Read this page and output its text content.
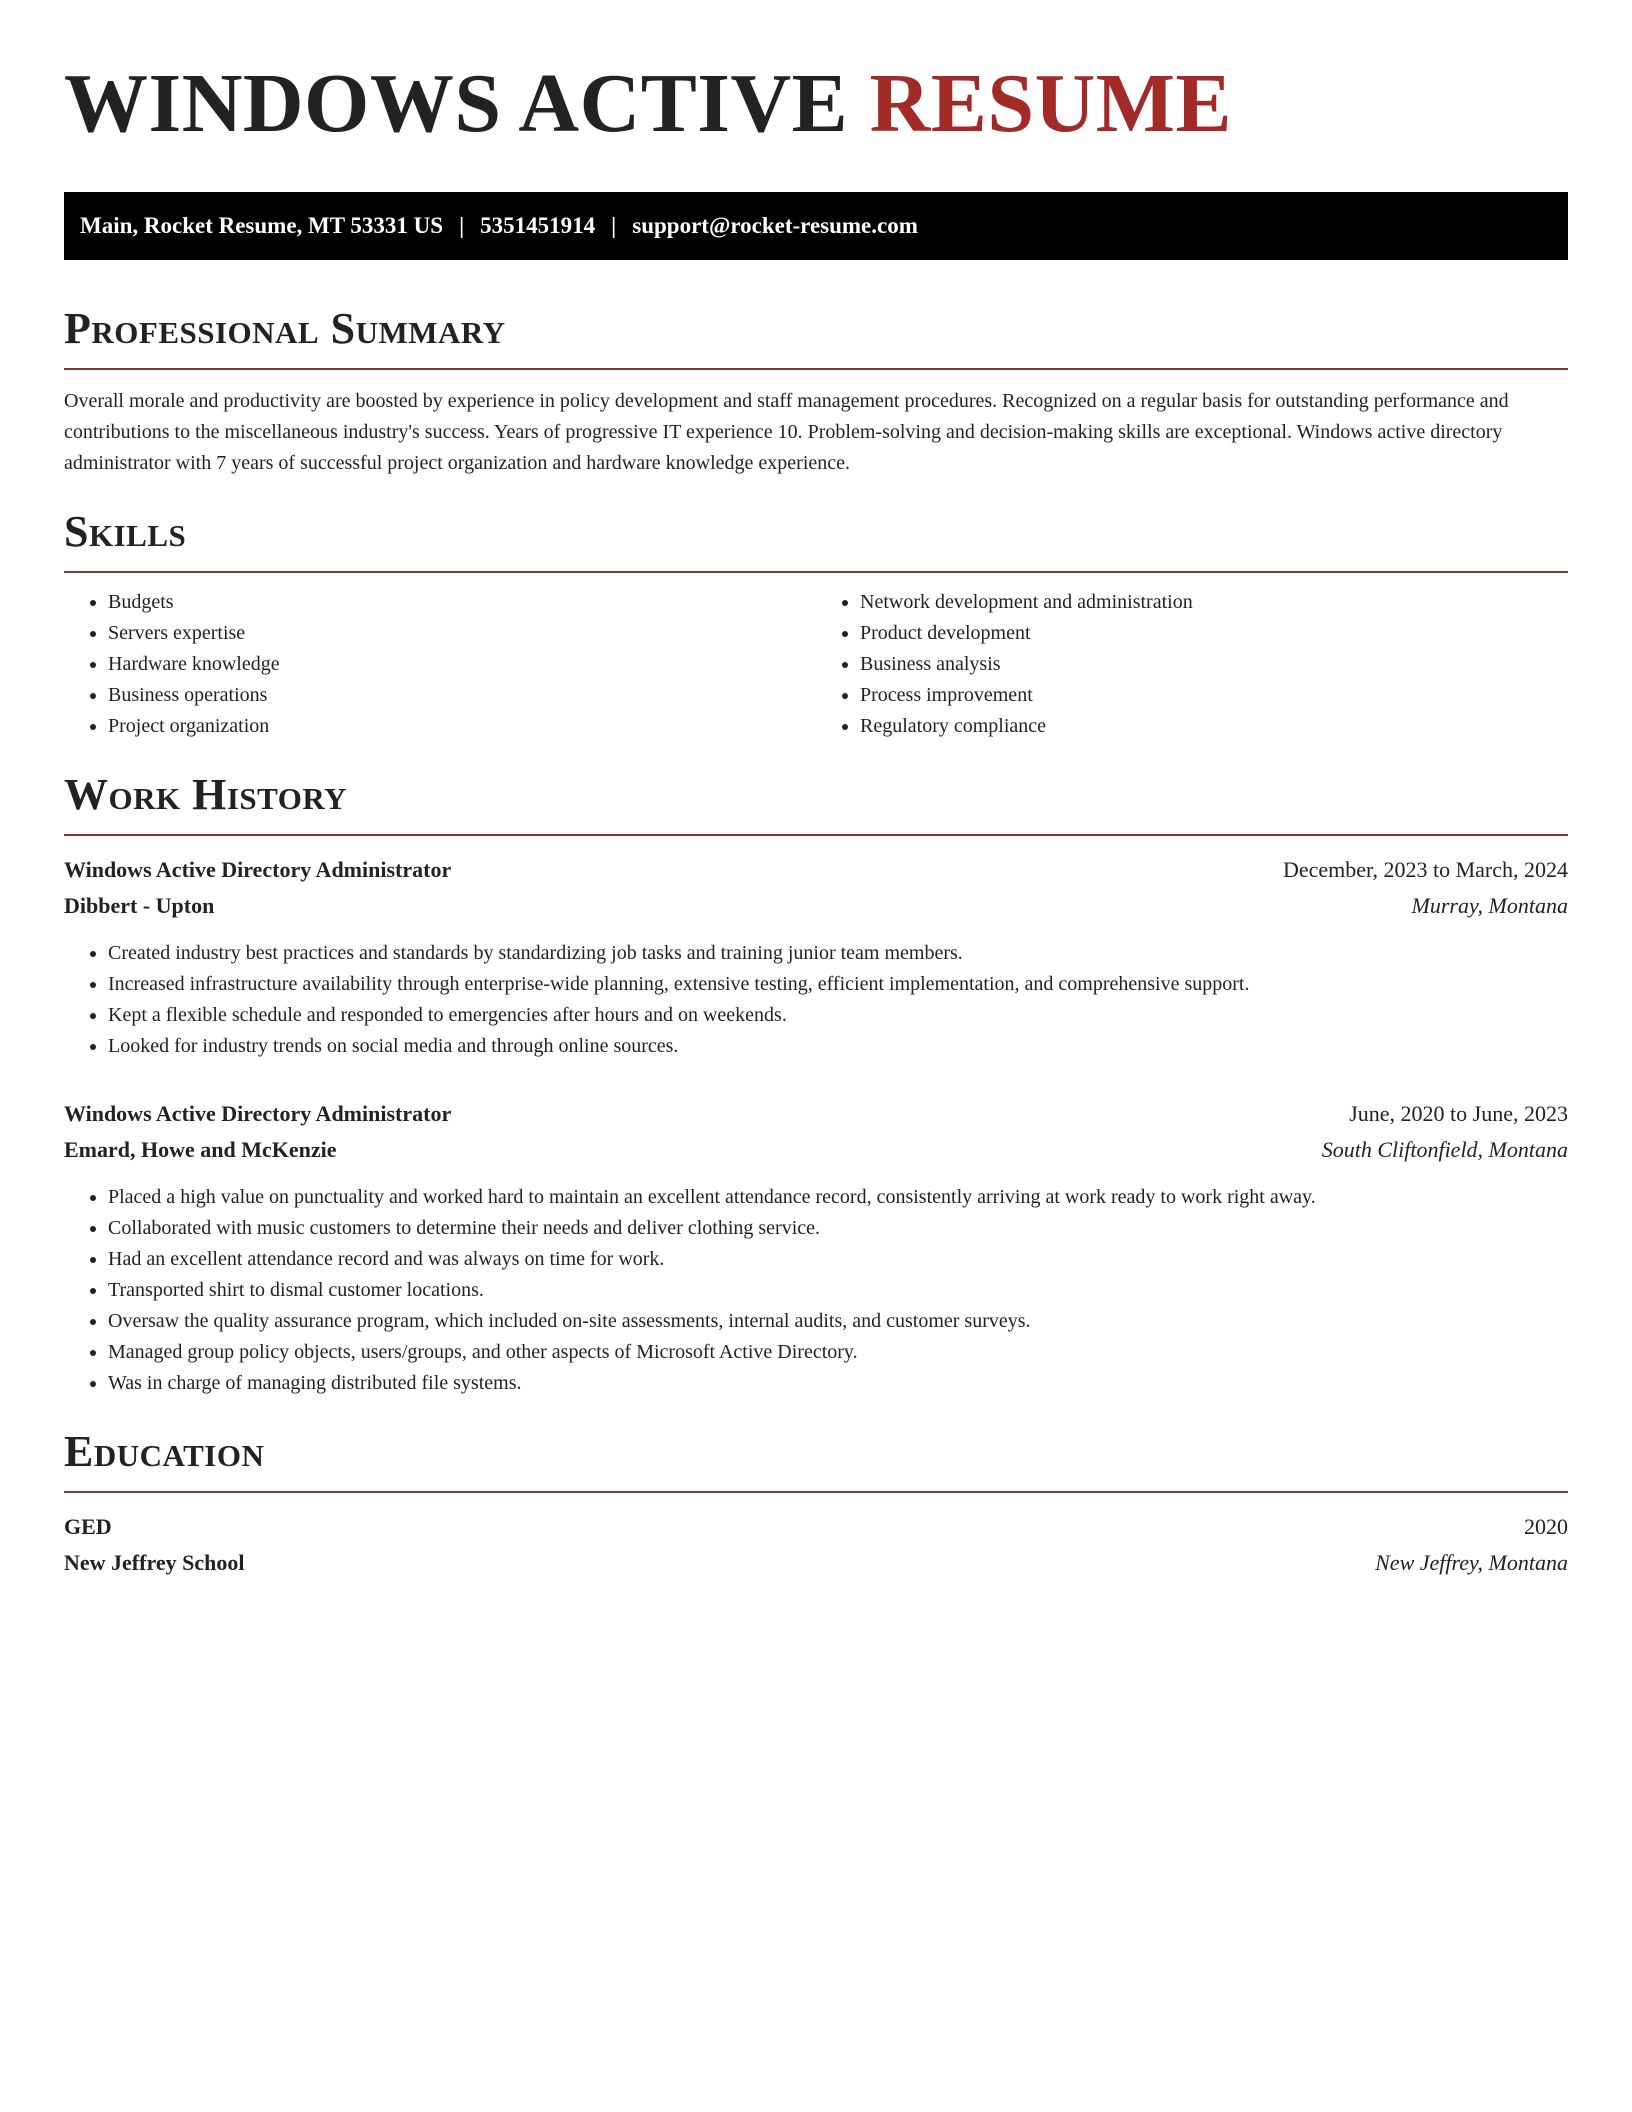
WINDOWS ACTIVE RESUME
Main, Rocket Resume, MT 53331 US | 5351451914 | support@rocket-resume.com
Professional Summary

Overall morale and productivity are boosted by experience in policy development and staff management procedures. Recognized on a regular basis for outstanding performance and contributions to the miscellaneous industry's success. Years of progressive IT experience 10. Problem-solving and decision-making skills are exceptional. Windows active directory administrator with 7 years of successful project organization and hardware knowledge experience.

Skills
• Budgets
• Servers expertise
• Hardware knowledge
• Business operations
• Project organization
• Network development and administration
• Product development
• Business analysis
• Process improvement
• Regulatory compliance
Work History
Windows Active Directory Administrator	December, 2023 to March, 2024
Dibbert - Upton	Murray, Montana
• Created industry best practices and standards by standardizing job tasks and training junior team members.
• Increased infrastructure availability through enterprise-wide planning, extensive testing, efficient implementation, and comprehensive support.
• Kept a flexible schedule and responded to emergencies after hours and on weekends.
• Looked for industry trends on social media and through online sources.
Windows Active Directory Administrator	June, 2020 to June, 2023
Emard, Howe and McKenzie	South Cliftonfield, Montana
• Placed a high value on punctuality and worked hard to maintain an excellent attendance record, consistently arriving at work ready to work right away.
• Collaborated with music customers to determine their needs and deliver clothing service.
• Had an excellent attendance record and was always on time for work.
• Transported shirt to dismal customer locations.
• Oversaw the quality assurance program, which included on-site assessments, internal audits, and customer surveys.
• Managed group policy objects, users/groups, and other aspects of Microsoft Active Directory.
• Was in charge of managing distributed file systems.
Education
GED	2020
New Jeffrey School	New Jeffrey, Montana
